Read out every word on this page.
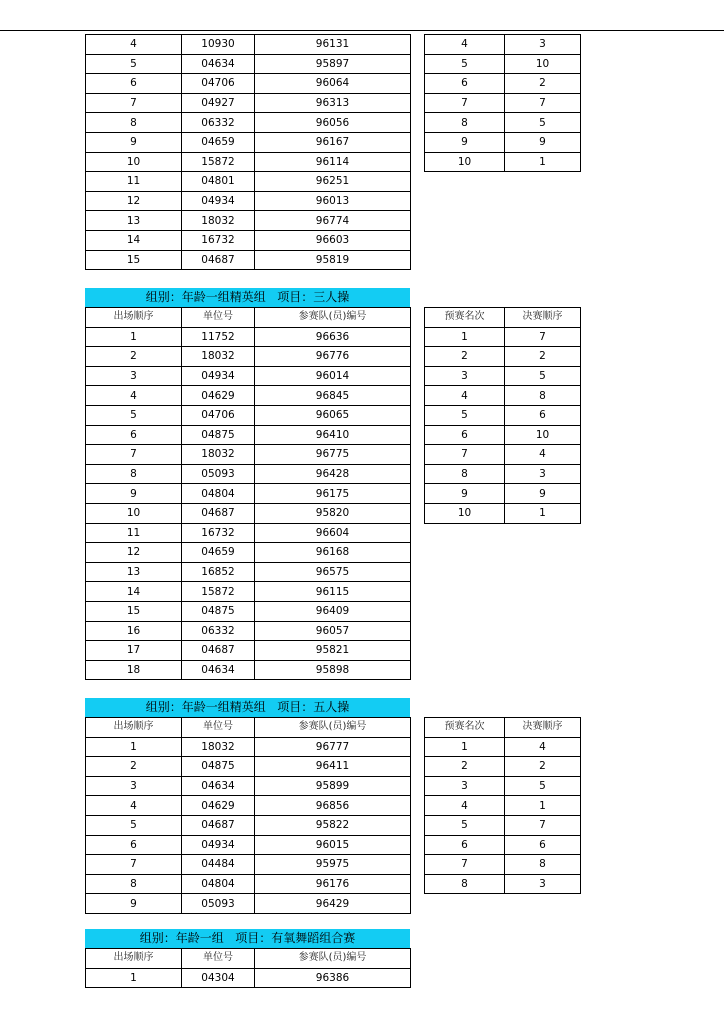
4	10930	96131
5	04634	95897
6	04706	96064
7	04927	96313
8	06332	96056
9	04659	96167
10	15872	96114
11	04801	96251
12	04934	96013
13	18032	96774
14	16732	96603
15	04687	95819
4	3
5	10
6	2
7	7
8	5
9	9
10	1
组别：年龄一组精英组   项目：三人操
出场顺序	单位号	参赛队(员)编号
1	11752	96636
2	18032	96776
3	04934	96014
4	04629	96845
5	04706	96065
6	04875	96410
7	18032	96775
8	05093	96428
9	04804	96175
10	04687	95820
11	16732	96604
12	04659	96168
13	16852	96575
14	15872	96115
15	04875	96409
16	06332	96057
17	04687	95821
18	04634	95898
预赛名次	决赛顺序
1	7
2	2
3	5
4	8
5	6
6	10
7	4
8	3
9	9
10	1
组别：年龄一组精英组   项目：五人操
出场顺序	单位号	参赛队(员)编号
1	18032	96777
2	04875	96411
3	04634	95899
4	04629	96856
5	04687	95822
6	04934	96015
7	04484	95975
8	04804	96176
9	05093	96429
预赛名次	决赛顺序
1	4
2	2
3	5
4	1
5	7
6	6
7	8
8	3
组别：年龄一组   项目：有氧舞蹈组合赛
出场顺序	单位号	参赛队(员)编号
1	04304	96386
